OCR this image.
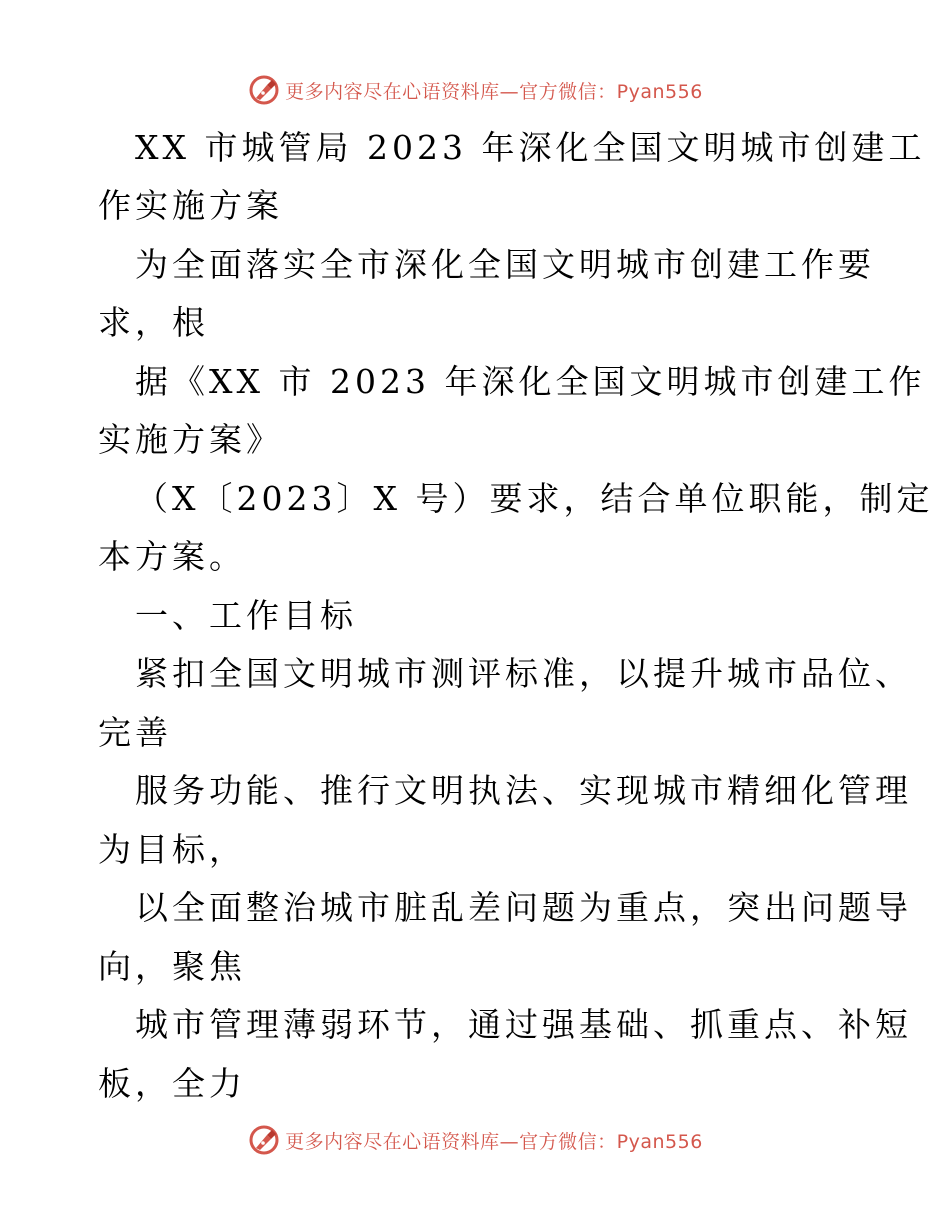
更多内容尽在心语资料库—官方微信：Pyan556
XX 市城管局 2023 年深化全国文明城市创建工
作实施方案
为全面落实全市深化全国文明城市创建工作要
求，根
据《XX 市 2023 年深化全国文明城市创建工作
实施方案》
（X〔2023〕X 号）要求，结合单位职能，制定
本方案。
一、工作目标
紧扣全国文明城市测评标准，以提升城市品位、
完善
服务功能、推行文明执法、实现城市精细化管理
为目标，
以全面整治城市脏乱差问题为重点，突出问题导
向，聚焦
城市管理薄弱环节，通过强基础、抓重点、补短
板，全力
更多内容尽在心语资料库—官方微信：Pyan556
